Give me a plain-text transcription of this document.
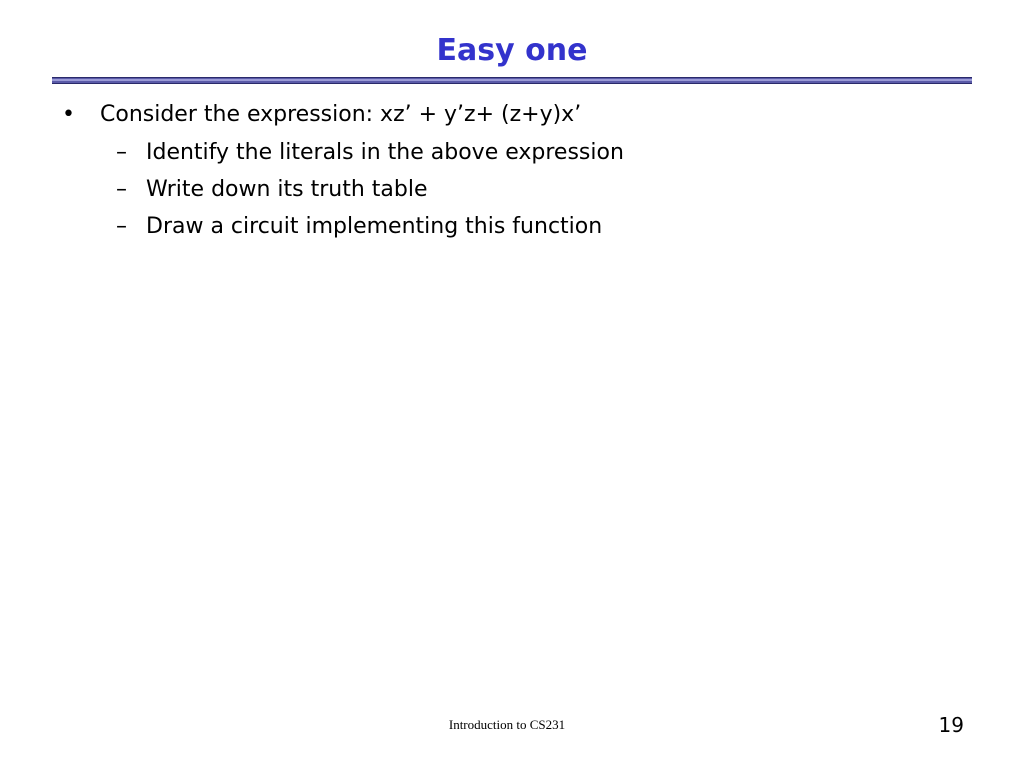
Easy one
• Consider the expression: xz’ + y’z+ (z+y)x’
– Identify the literals in the above expression
– Write down its truth table
– Draw a circuit implementing this function
Introduction to CS231	19
